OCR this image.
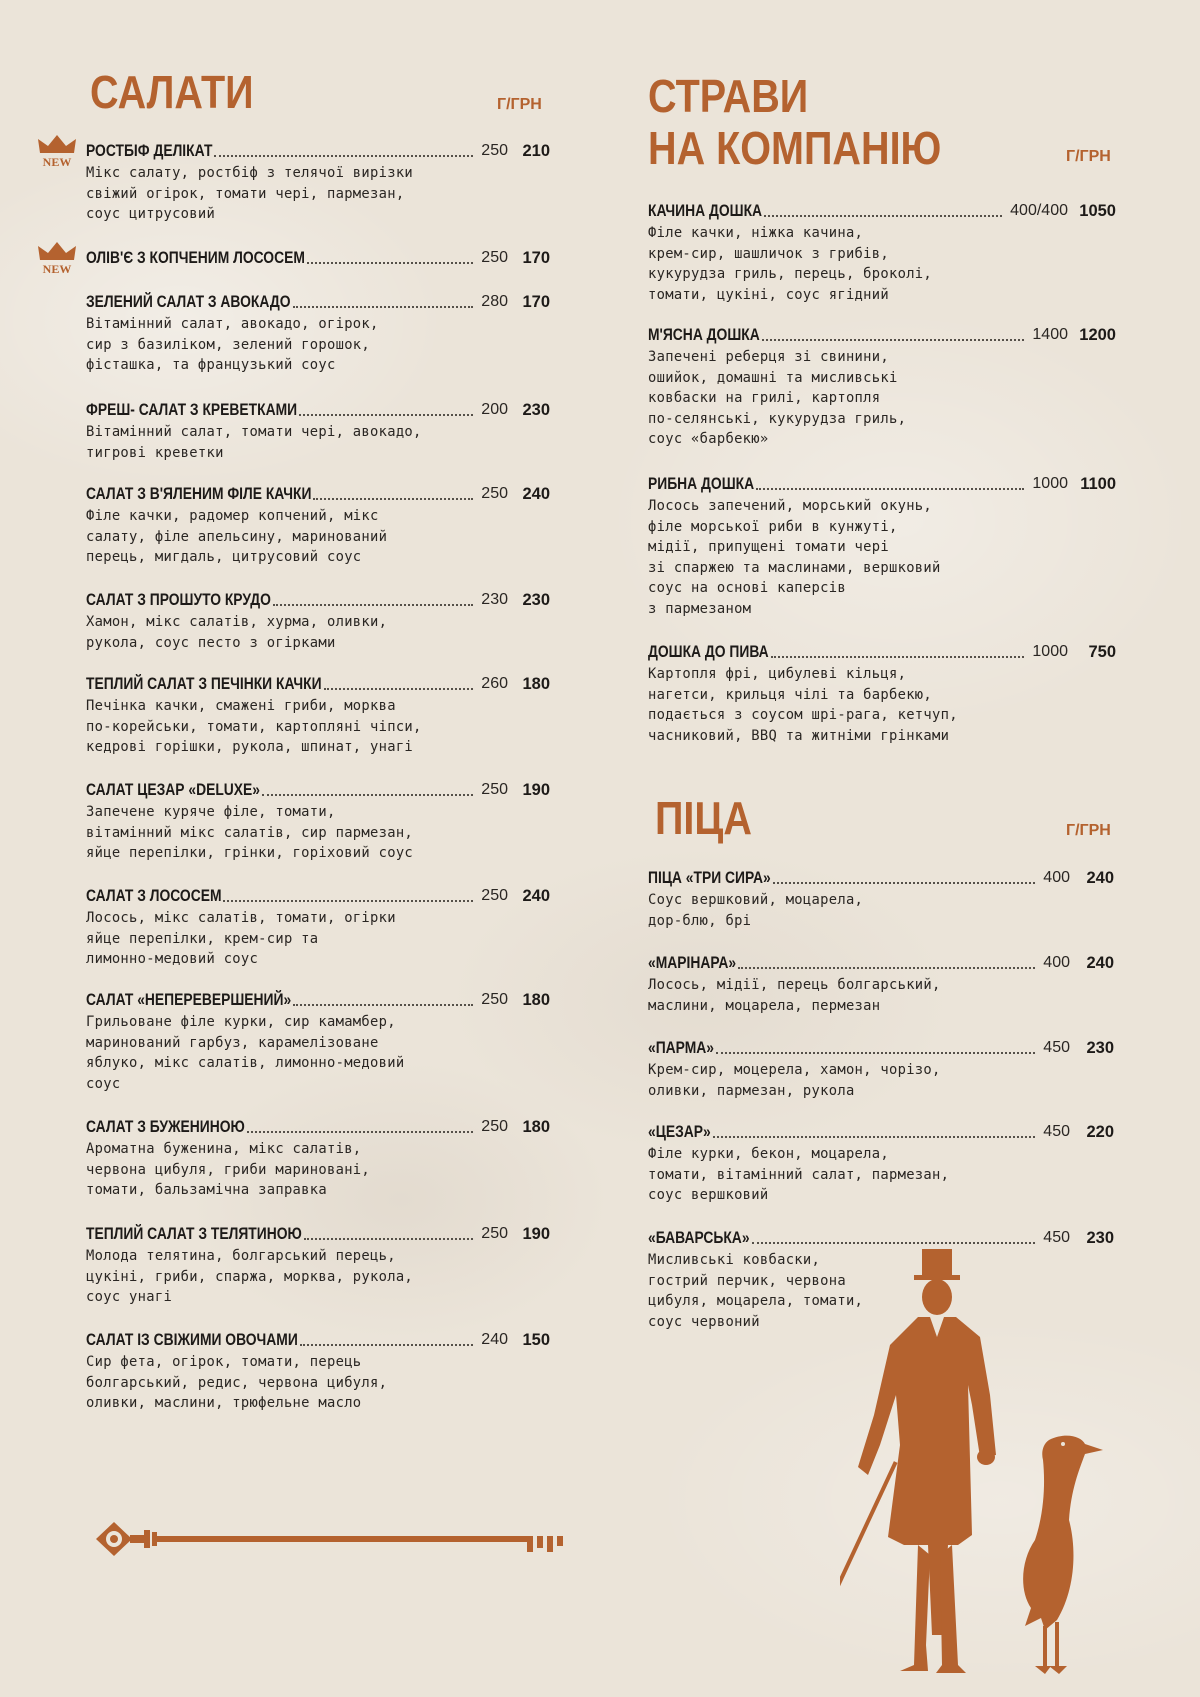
САЛАТИ	Г/ГРН
РОСТБІФ ДЕЛІКАТ	250 210

Мікс салату, ростбіф з телячої вирізки
свіжий огірок, томати чері, пармезан,
соус цитрусовий

NEW
ОЛІВ'Є З КОПЧЕНИМ ЛОСОСЕМ	250 170
NEW
ЗЕЛЕНИЙ САЛАТ З АВОКАДО	280 170

Вітамінний салат, авокадо, огірок,
сир з базиліком, зелений горошок,
фісташка, та французький соус

ФРЕШ- САЛАТ З КРЕВЕТКАМИ	200 230

Вітамінний салат, томати чері, авокадо,
тигрові креветки

САЛАТ З В'ЯЛЕНИМ ФІЛЕ КАЧКИ	250 240

Філе качки, радомер копчений, мікс
салату, філе апельсину, маринований
перець, мигдаль, цитрусовий соус

САЛАТ З ПРОШУТО КРУДО	230 230

Хамон, мікс салатів, хурма, оливки,
рукола, соус песто з огірками

ТЕПЛИЙ САЛАТ З ПЕЧІНКИ КАЧКИ	260 180

Печінка качки, смажені гриби, морква
по-корейськи, томати, картопляні чіпси,
кедрові горішки, рукола, шпинат, унагі

САЛАТ ЦЕЗАР «DELUXE»	250 190

Запечене куряче філе, томати,
вітамінний мікс салатів, сир пармезан,
яйце перепілки, грінки, горіховий соус

САЛАТ З ЛОСОСЕМ	250 240

Лосось, мікс салатів, томати, огірки
яйце перепілки, крем-сир та
лимонно-медовий соус

САЛАТ «НЕПЕРЕВЕРШЕНИЙ»	250 180

Грильоване філе курки, сир камамбер,
маринований гарбуз, карамелізоване
яблуко, мікс салатів, лимонно-медовий
соус

САЛАТ З БУЖЕНИНОЮ	250 180

Ароматна буженина, мікс салатів,
червона цибуля, гриби мариновані,
томати, бальзамічна заправка

ТЕПЛИЙ САЛАТ З ТЕЛЯТИНОЮ	250 190

Молода телятина, болгарський перець,
цукіні, гриби, спаржа, морква, рукола,
соус унагі

САЛАТ ІЗ СВІЖИМИ ОВОЧАМИ	240 150

Сир фета, огірок, томати, перець
болгарський, редис, червона цибуля,
оливки, маслини, трюфельне масло

СТРАВИ
НА КОМПАНІЮ	Г/ГРН
КАЧИНА ДОШКА	400/400 1050

Філе качки, ніжка качина,
крем-сир, шашличок з грибів,
кукурудза гриль, перець, броколі,
томати, цукіні, соус ягідний

М'ЯСНА ДОШКА	1400 1200

Запечені реберця зі свинини,
ошийок, домашні та мисливські
ковбаски на грилі, картопля
по-селянські, кукурудза гриль,
соус «барбекю»

РИБНА ДОШКА	1000 1100

Лосось запечений, морський окунь,
філе морської риби в кунжуті,
мідії, припущені томати чері
зі спаржею та маслинами, вершковий
соус на основі каперсів
з пармезаном

ДОШКА ДО ПИВА	1000 750

Картопля фрі, цибулеві кільця,
нагетси, крильця чілі та барбекю,
подається з соусом шрі-рага, кетчуп,
часниковий, BBQ та житніми грінками

ПІЦА	Г/ГРН
ПІЦА «ТРИ СИРА»	400 240

Соус вершковий, моцарела,
дор-блю, брі

«МАРІНАРА»	400 240

Лосось, мідії, перець болгарський,
маслини, моцарела, пермезан

«ПАРМА»	450 230

Крем-сир, моцерела, хамон, чорізо,
оливки, пармезан, рукола

«ЦЕЗАР»	450 220

Філе курки, бекон, моцарела,
томати, вітамінний салат, пармезан,
соус вершковий

«БАВАРСЬКА»	450 230

Мисливські ковбаски,
гострий перчик, червона
цибуля, моцарела, томати,
соус червоний
